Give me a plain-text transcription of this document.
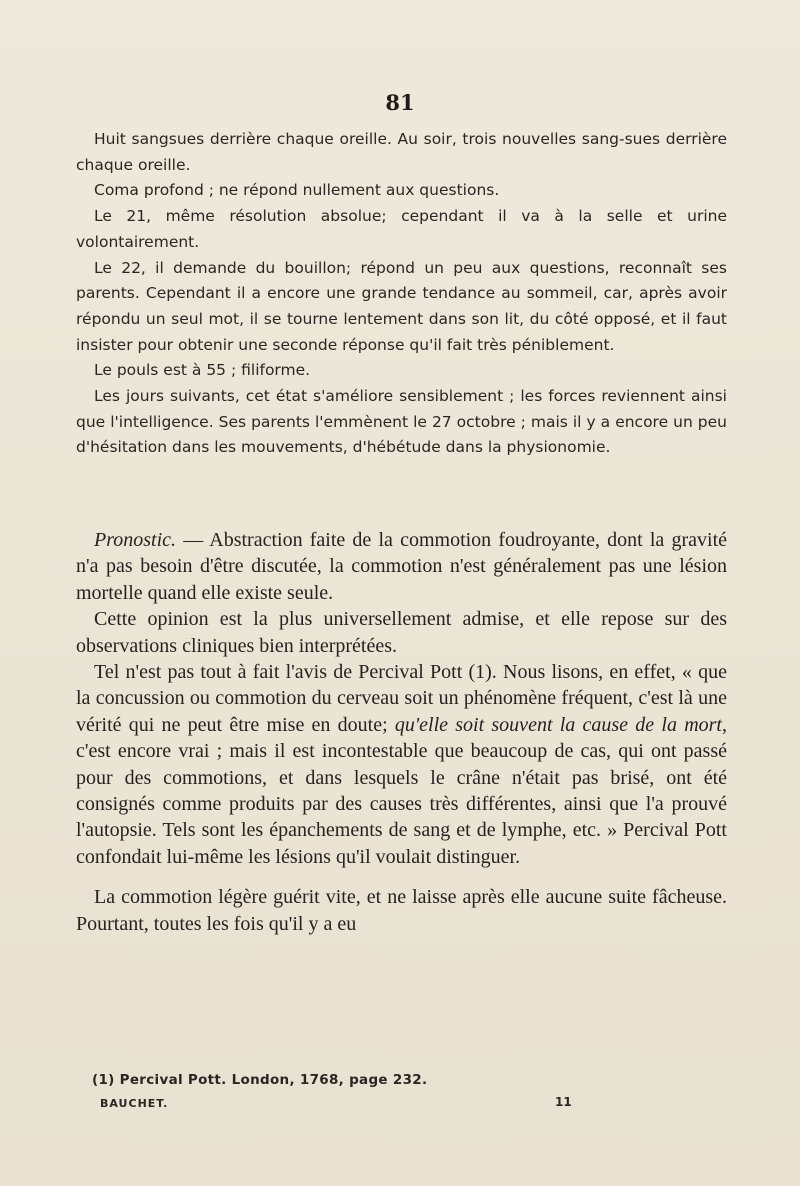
81

Huit sangsues derrière chaque oreille. Au soir, trois nouvelles sang-sues derrière chaque oreille.

Coma profond ; ne répond nullement aux questions.

Le 21, même résolution absolue; cependant il va à la selle et urine volontairement.

Le 22, il demande du bouillon; répond un peu aux questions, reconnaît ses parents. Cependant il a encore une grande tendance au sommeil, car, après avoir répondu un seul mot, il se tourne lentement dans son lit, du côté opposé, et il faut insister pour obtenir une seconde réponse qu'il fait très péniblement.

Le pouls est à 55 ; filiforme.

Les jours suivants, cet état s'améliore sensiblement ; les forces reviennent ainsi que l'intelligence. Ses parents l'emmènent le 27 octobre ; mais il y a encore un peu d'hésitation dans les mouvements, d'hébétude dans la physionomie.

Pronostic. — Abstraction faite de la commotion foudroyante, dont la gravité n'a pas besoin d'être discutée, la commotion n'est généralement pas une lésion mortelle quand elle existe seule.

Cette opinion est la plus universellement admise, et elle repose sur des observations cliniques bien interprétées.

Tel n'est pas tout à fait l'avis de Percival Pott (1). Nous lisons, en effet, « que la concussion ou commotion du cerveau soit un phénomène fréquent, c'est là une vérité qui ne peut être mise en doute; qu'elle soit souvent la cause de la mort, c'est encore vrai ; mais il est incontestable que beaucoup de cas, qui ont passé pour des commotions, et dans lesquels le crâne n'était pas brisé, ont été consignés comme produits par des causes très différentes, ainsi que l'a prouvé l'autopsie. Tels sont les épanchements de sang et de lymphe, etc. » Percival Pott confondait lui-même les lésions qu'il voulait distinguer.

La commotion légère guérit vite, et ne laisse après elle aucune suite fâcheuse. Pourtant, toutes les fois qu'il y a eu

(1) Percival Pott. London, 1768, page 232.
BAUCHET.	11
